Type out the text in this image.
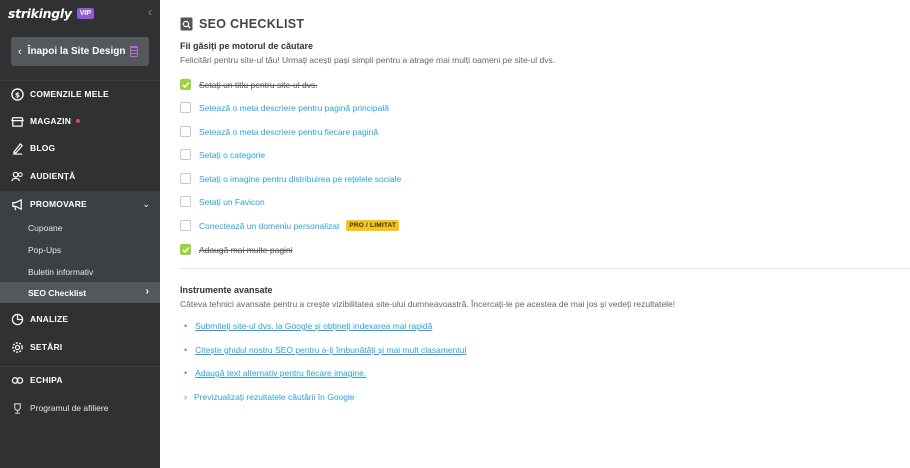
strikingly	VIP	‹
‹ Înapoi la Site Design
$ COMENZILE MELE
MAGAZIN
BLOG
AUDIENȚĂ
PROMOVARE	⌄
Cupoane
Pop-Ups
Buletin informativ
SEO Checklist	›
ANALIZE
SETĂRI
ECHIPA
Programul de afiliere
SEO CHECKLIST
Fii găsiți pe motorul de căutare
Felicitări pentru site-ul tău! Urmați acești pași simpli pentru a atrage mai mulți oameni pe site-ul dvs.
Setați un titlu pentru site-ul dvs.
Setează o meta descriere pentru pagină principală
Setează o meta descriere pentru fiecare pagină
Setați o categorie
Setați o imagine pentru distribuirea pe rețelele sociale
Setați un Favicon
Conectează un domeniu personalizat	PRO / LIMITAT
Adaugă mai multe pagini
Instrumente avansate
Câteva tehnici avansate pentru a crește vizibilitatea site-ului dumneavoastră. Încercați-le pe acestea de mai jos și vedeți rezultatele!
• Submiteți site-ul dvs. la Google și obțineți indexarea mai rapidă
• Citește ghidul nostru SEO pentru a-ți îmbunătăți și mai mult clasamentul
• Adaugă text alternativ pentru fiecare imagine.
› Previzualizați rezultatele căutării în Google
